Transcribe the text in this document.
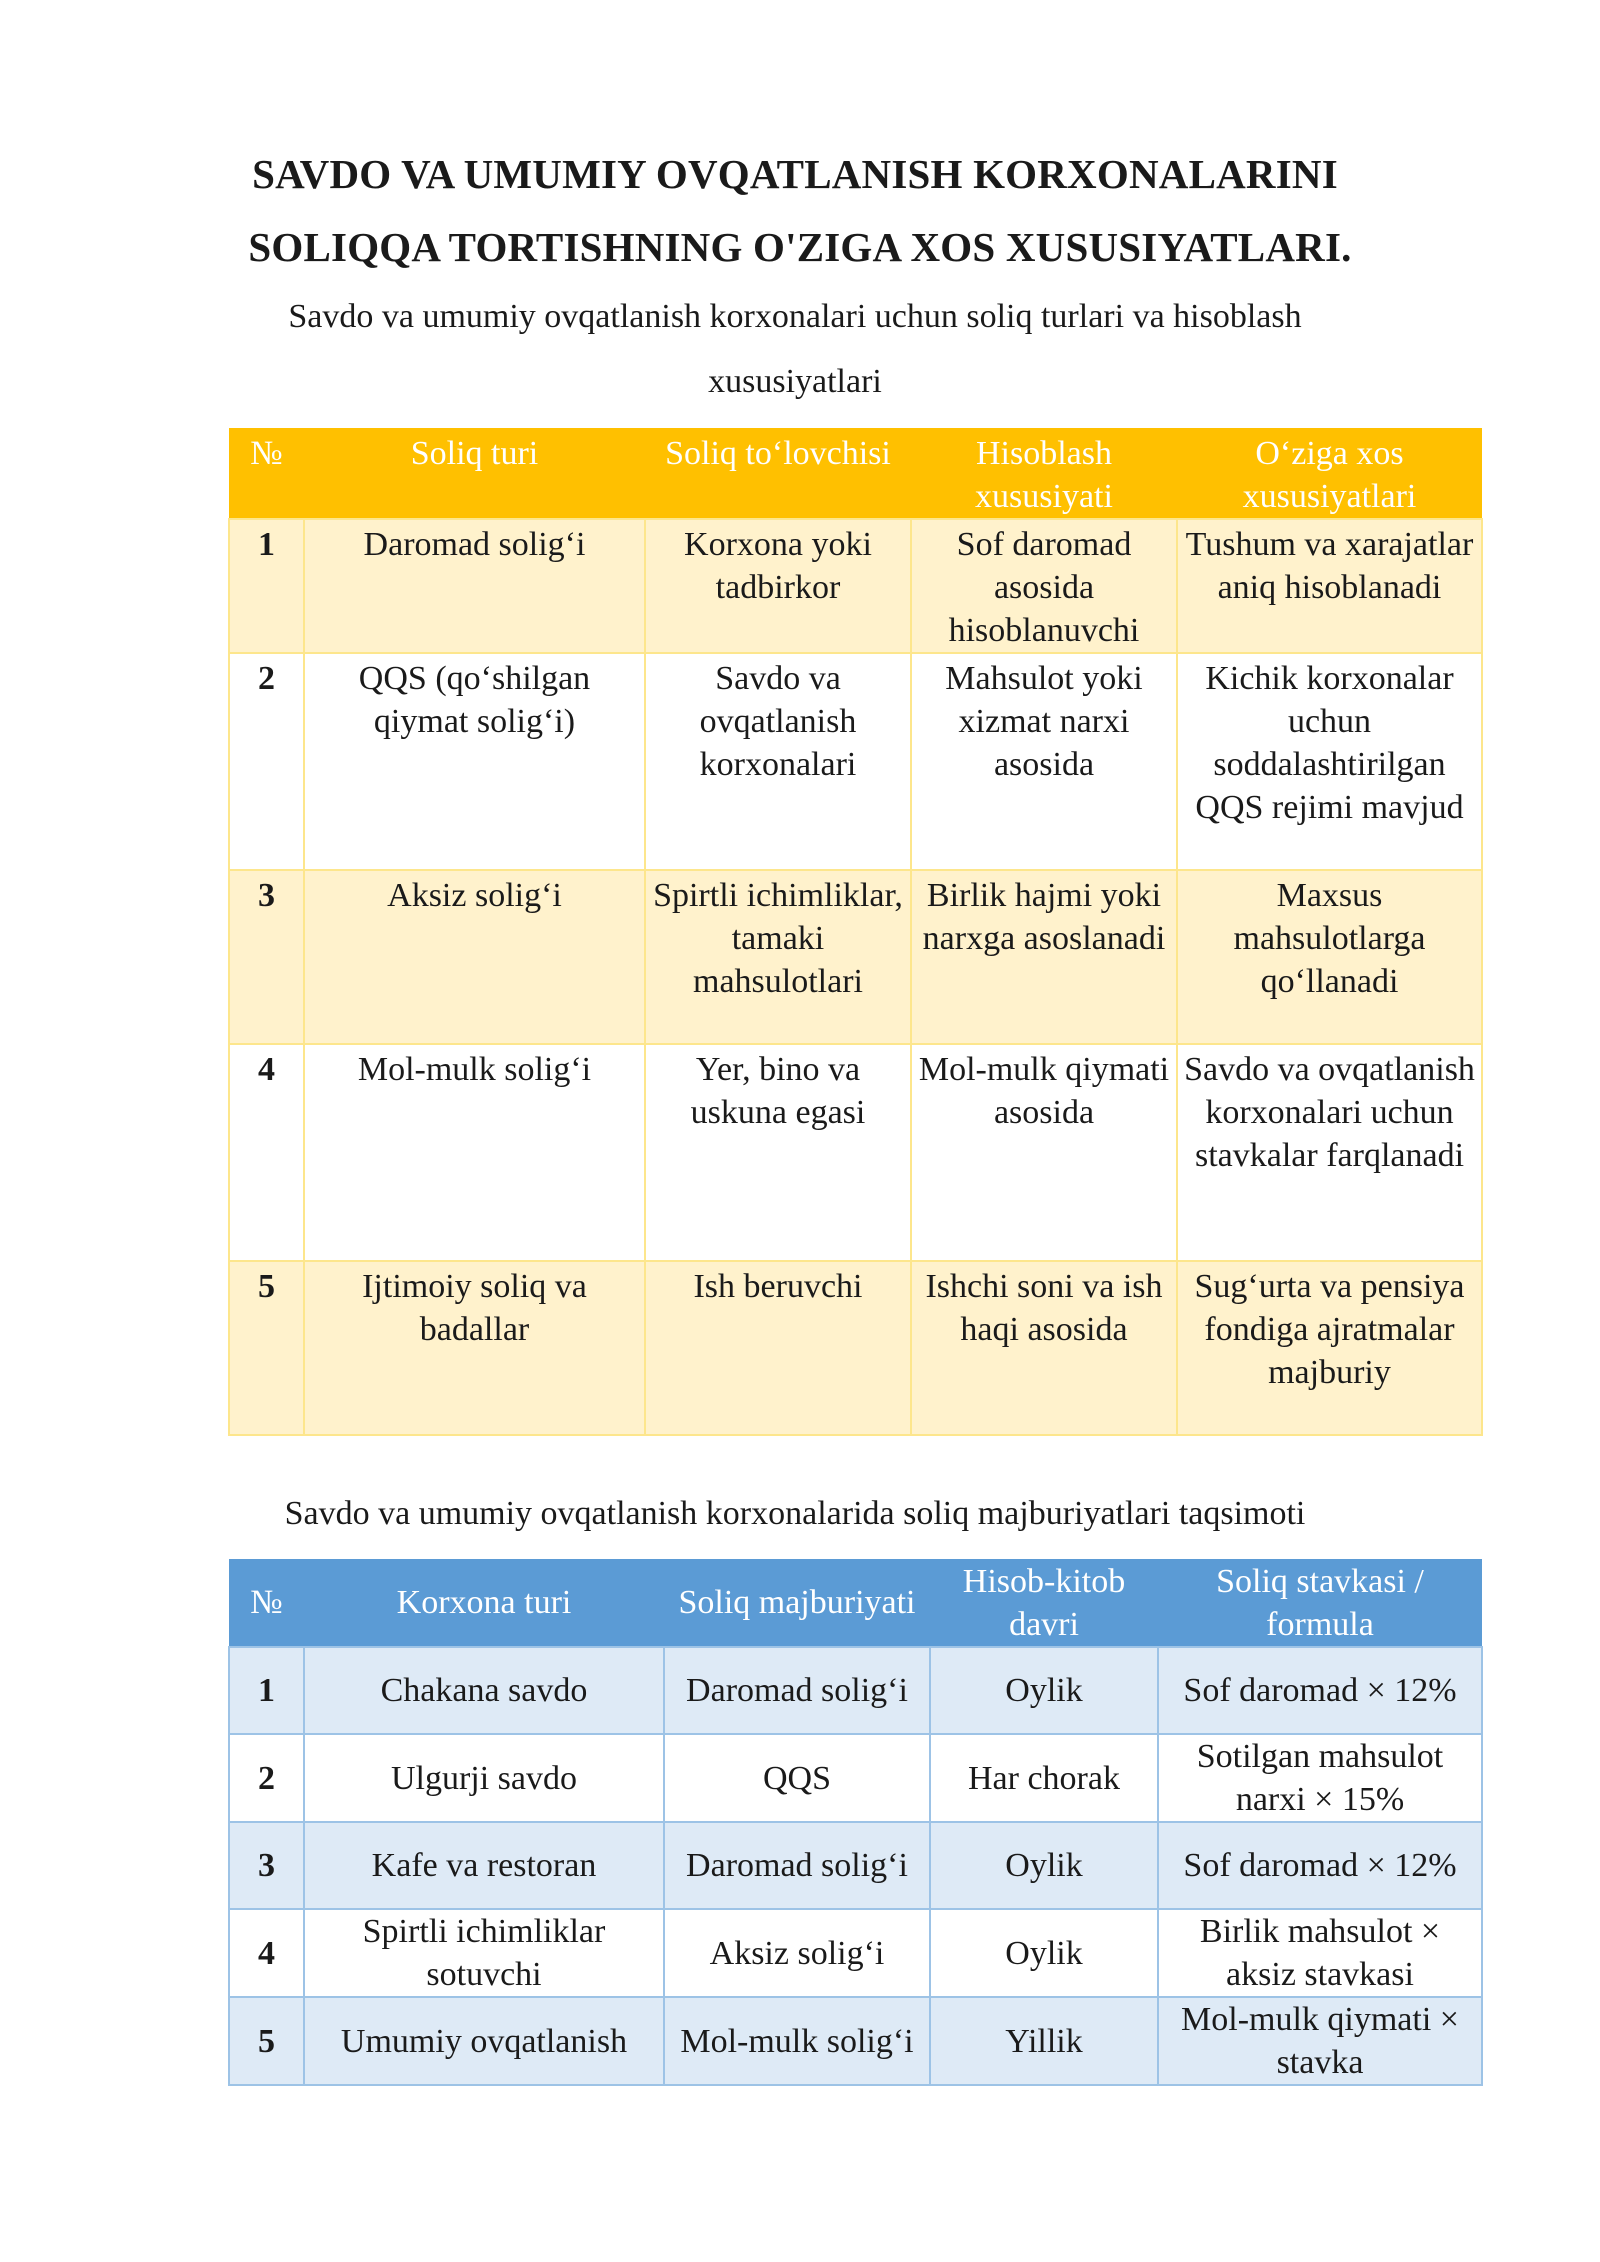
SAVDO VA UMUMIY OVQATLANISH KORXONALARINI
SOLIQQA TORTISHNING O'ZIGA XOS XUSUSIYATLARI.
Savdo va umumiy ovqatlanish korxonalari uchun soliq turlari va hisoblash
xususiyatlari
№	Soliq turi	Soliq to‘lovchisi	Hisoblash xususiyati	O‘ziga xos xususiyatlari
1	Daromad solig‘i	Korxona yoki tadbirkor	Sof daromad asosida hisoblanuvchi	Tushum va xarajatlar aniq hisoblanadi
2	QQS (qo‘shilgan qiymat solig‘i)	Savdo va ovqatlanish korxonalari	Mahsulot yoki xizmat narxi asosida	Kichik korxonalar uchun soddalashtirilgan QQS rejimi mavjud
3	Aksiz solig‘i	Spirtli ichimliklar, tamaki mahsulotlari	Birlik hajmi yoki narxga asoslanadi	Maxsus mahsulotlarga qo‘llanadi
4	Mol-mulk solig‘i	Yer, bino va uskuna egasi	Mol-mulk qiymati asosida	Savdo va ovqatlanish korxonalari uchun stavkalar farqlanadi
5	Ijtimoiy soliq va badallar	Ish beruvchi	Ishchi soni va ish haqi asosida	Sug‘urta va pensiya fondiga ajratmalar majburiy
Savdo va umumiy ovqatlanish korxonalarida soliq majburiyatlari taqsimoti
№	Korxona turi	Soliq majburiyati	Hisob-kitob davri	Soliq stavkasi / formula
1	Chakana savdo	Daromad solig‘i	Oylik	Sof daromad × 12%
2	Ulgurji savdo	QQS	Har chorak	Sotilgan mahsulot narxi × 15%
3	Kafe va restoran	Daromad solig‘i	Oylik	Sof daromad × 12%
4	Spirtli ichimliklar sotuvchi	Aksiz solig‘i	Oylik	Birlik mahsulot × aksiz stavkasi
5	Umumiy ovqatlanish	Mol-mulk solig‘i	Yillik	Mol-mulk qiymati × stavka
